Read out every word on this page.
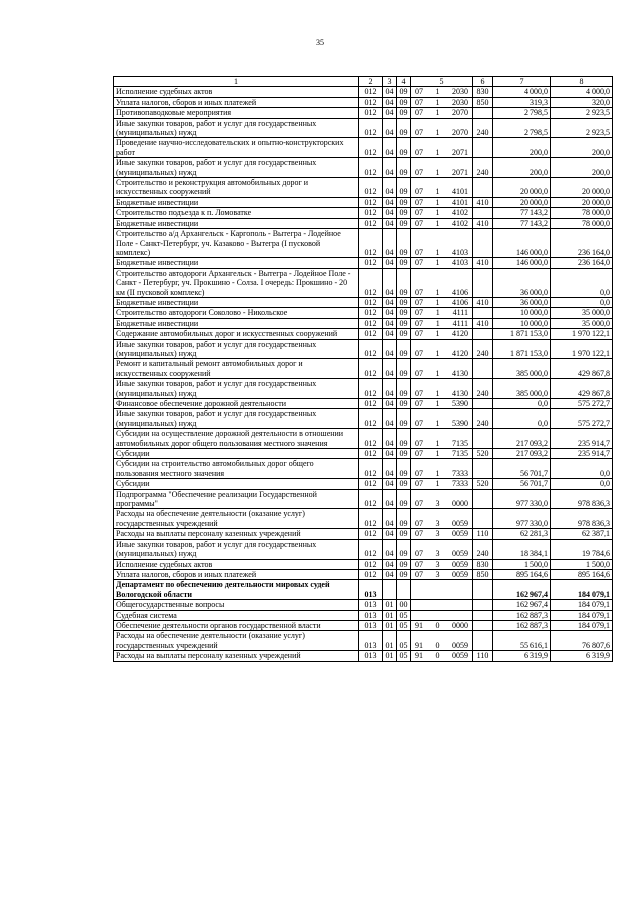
35
1	2	3	4	5	6	7	8
Исполнение судебных актов	012	04	09	07 1 2030	830	4 000,0	4 000,0
Уплата налогов, сборов и иных платежей	012	04	09	07 1 2030	850	319,3	320,0
Противопаводковые мероприятия	012	04	09	07 1 2070		2 798,5	2 923,5
Иные закупки товаров, работ и услуг для государственных (муниципальных) нужд	012	04	09	07 1 2070	240	2 798,5	2 923,5
Проведение научно-исследовательских и опытно-конструкторских работ	012	04	09	07 1 2071		200,0	200,0
Иные закупки товаров, работ и услуг для государственных (муниципальных) нужд	012	04	09	07 1 2071	240	200,0	200,0
Строительство и реконструкция автомобильных дорог и искусственных сооружений	012	04	09	07 1 4101		20 000,0	20 000,0
Бюджетные инвестиции	012	04	09	07 1 4101	410	20 000,0	20 000,0
Строительство подъезда к п. Ломоватке	012	04	09	07 1 4102		77 143,2	78 000,0
Бюджетные инвестиции	012	04	09	07 1 4102	410	77 143,2	78 000,0
Строительство а/д Архангельск - Каргополь - Вытегра - Лодейное Поле - Санкт-Петербург, уч. Казаково - Вытегра (I пусковой комплекс)	012	04	09	07 1 4103		146 000,0	236 164,0
Бюджетные инвестиции	012	04	09	07 1 4103	410	146 000,0	236 164,0
Строительство автодороги Архангельск - Вытегра - Лодейное Поле - Санкт - Петербург, уч. Прокшино - Солза. I очередь: Прокшино - 20 км (II пусковой комплекс)	012	04	09	07 1 4106		36 000,0	0,0
Бюджетные инвестиции	012	04	09	07 1 4106	410	36 000,0	0,0
Строительство автодороги Соколово - Никольское	012	04	09	07 1 4111		10 000,0	35 000,0
Бюджетные инвестиции	012	04	09	07 1 4111	410	10 000,0	35 000,0
Содержание автомобильных дорог и искусственных сооружений	012	04	09	07 1 4120		1 871 153,0	1 970 122,1
Иные закупки товаров, работ и услуг для государственных (муниципальных) нужд	012	04	09	07 1 4120	240	1 871 153,0	1 970 122,1
Ремонт и капитальный ремонт автомобильных дорог и искусственных сооружений	012	04	09	07 1 4130		385 000,0	429 867,8
Иные закупки товаров, работ и услуг для государственных (муниципальных) нужд	012	04	09	07 1 4130	240	385 000,0	429 867,8
Финансовое обеспечение дорожной деятельности	012	04	09	07 1 5390		0,0	575 272,7
Иные закупки товаров, работ и услуг для государственных (муниципальных) нужд	012	04	09	07 1 5390	240	0,0	575 272,7
Субсидии на осуществление дорожной деятельности в отношении автомобильных дорог общего пользования местного значения	012	04	09	07 1 7135		217 093,2	235 914,7
Субсидии	012	04	09	07 1 7135	520	217 093,2	235 914,7
Субсидии на строительство автомобильных дорог общего пользования местного значения	012	04	09	07 1 7333		56 701,7	0,0
Субсидии	012	04	09	07 1 7333	520	56 701,7	0,0
Подпрограмма "Обеспечение реализации Государственной программы"	012	04	09	07 3 0000		977 330,0	978 836,3
Расходы на обеспечение деятельности (оказание услуг) государственных учреждений	012	04	09	07 3 0059		977 330,0	978 836,3
Расходы на выплаты персоналу казенных учреждений	012	04	09	07 3 0059	110	62 281,3	62 387,1
Иные закупки товаров, работ и услуг для государственных (муниципальных) нужд	012	04	09	07 3 0059	240	18 384,1	19 784,6
Исполнение судебных актов	012	04	09	07 3 0059	830	1 500,0	1 500,0
Уплата налогов, сборов и иных платежей	012	04	09	07 3 0059	850	895 164,6	895 164,6
Департамент по обеспечению деятельности мировых судей Вологодской области	013					162 967,4	184 079,1
Общегосударственные вопросы	013	01	00			162 967,4	184 079,1
Судебная система	013	01	05			162 887,3	184 079,1
Обеспечение деятельности органов государственной власти	013	01	05	91 0 0000		162 887,3	184 079,1
Расходы на обеспечение деятельности (оказание услуг) государственных учреждений	013	01	05	91 0 0059		55 616,1	76 807,6
Расходы на выплаты персоналу казенных учреждений	013	01	05	91 0 0059	110	6 319,9	6 319,9
